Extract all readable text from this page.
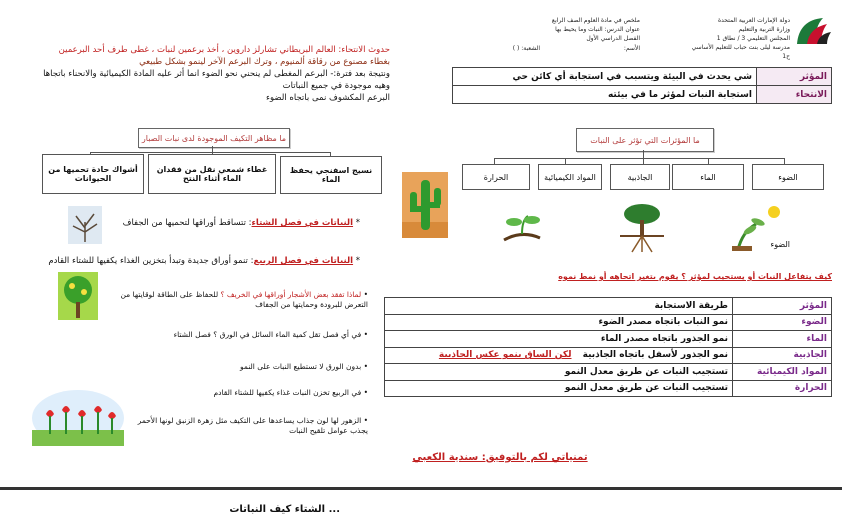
دولة الإمارات العربية المتحدة
وزارة التربية والتعليم
المجلس التعليمي 3 / نطاق 1
مدرسة ليلى بنت حباب للتعليم الأساسي ح1
ملخص في مادة العلوم الصف الرابع
عنوان الدرس: النبات وما يحيط بها
الفصل الدراسي الأول
الأسم:
الشعبة: ( )
المؤثر	شي يحدث في البيئة ويتسبب في استجابة أي كائن حي
الانتحاء	استجابة النبات لمؤثر ما في بيئته
حدوث الانتحاء: العالم البريطاني تشارلز داروين ، أخذ برعمين لنبات ، غطى طرف أحد البرعمين
بغطاء مصنوع من رقاقة ألمنيوم ، وترك البرعم الآخر لينمو بشكل طبيعي
ونتيجة بعد فترة:- البرعم المغطى لم ينحني نحو الضوء انما أثر عليه المادة الكيميائية والانحناء باتجاها
وهيه موجودة في جميع النباتات
البرعم المكشوف نمى باتجاه الضوء
ما مظاهر التكيف الموجودة لدى نبات الصبار
نسيج اسفنجي يحفظ الماء
غطاء شمعي نقل من فقدان الماء أثناء النتح
أشواك حادة تحميها من الحيوانات
ما المؤثرات التي تؤثر على النبات
الضوء
الماء
الجاذبية
المواد الكيميائية
الحرارة
الضوء
* النباتات في فصل الشتاء: تتساقط أوراقها لتحميها من الجفاف
* النباتات في فصل الربيع: تنمو أوراق جديدة وتبدأ بتخزين الغذاء يكفيها للشتاء القادم
• لماذا تفقد بعض الأشجار أوراقها في الخريف ؟ للحفاظ على الطاقة لوقايتها من التعرض للبرودة وحمايتها من الجفاف
• في أي فصل تقل كمية الماء السائل في الورق ؟ فصل الشتاء
• بدون الورق لا تستطيع النبات على النمو
• في الربيع تخزن النبات غذاء يكفيها للشتاء القادم
• الزهور لها لون جذاب يساعدها على التكيف مثل زهرة الزنبق لونها الأحمر يجذب عوامل تلقيح النبات
كيف يتفاعل النبات أو يستجيب لمؤثر ؟ يقوم بتغير اتجاهه أو نمط نموه
المؤثر	طريقة الاستجابة
الضوء	نمو النبات باتجاه مصدر الضوء
الماء	نمو الجذور باتجاه مصدر الماء
الجاذبية	نمو الجذور لأسفل باتجاه الجاذبية لكن الساق ينمو عكس الجاذبية
المواد الكيميائية	تستجيب النبات عن طريق معدل النمو
الحرارة	تستجيب النبات عن طريق معدل النمو
تمنياتي لكم بالتوفيق: سندية الكعبي
... الشتاء كيف النباتات
